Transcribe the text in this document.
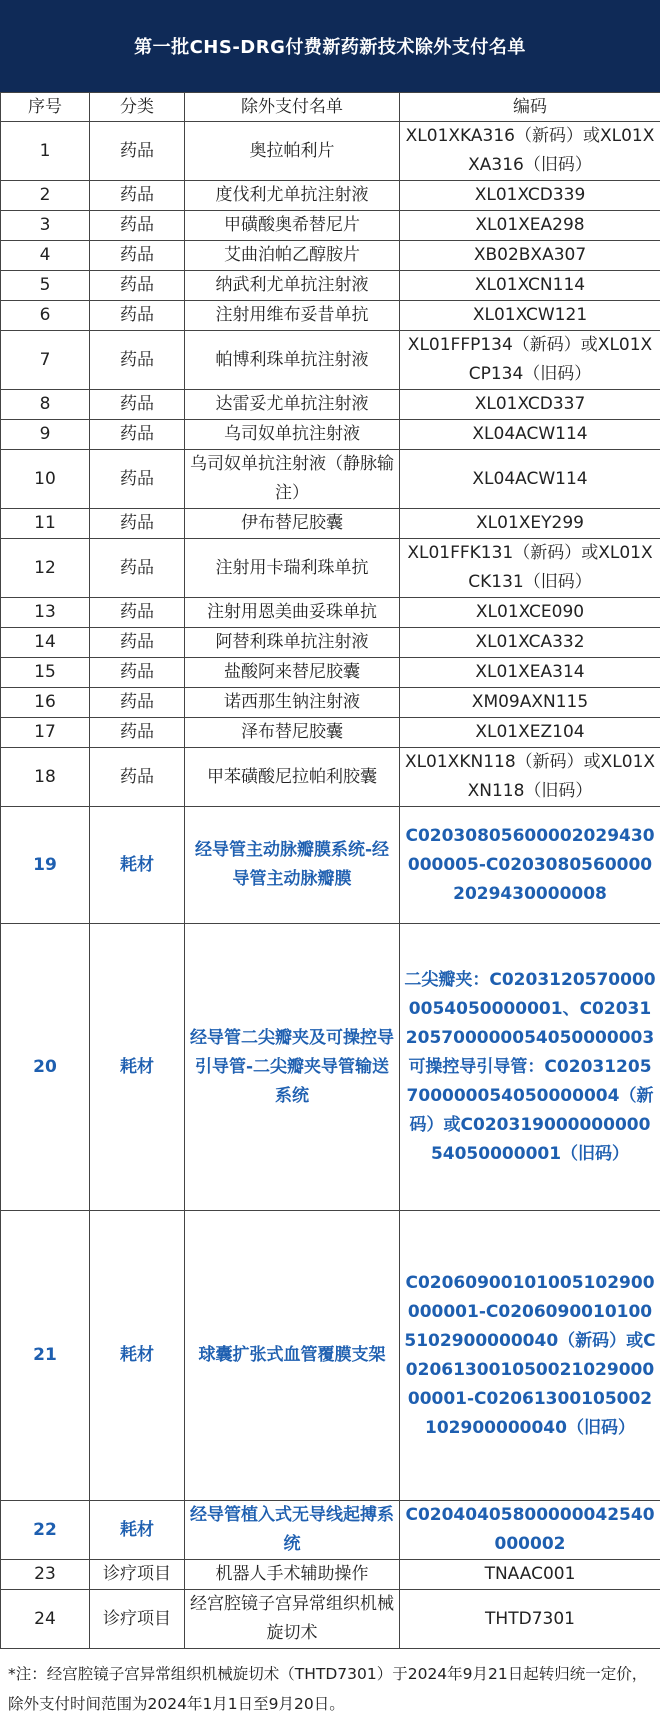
第一批CHS-DRG付费新药新技术除外支付名单
序号	分类	除外支付名单	编码
1	药品	奥拉帕利片	XL01XKA316（新码）或XL01XXA316（旧码）
2	药品	度伐利尤单抗注射液	XL01XCD339
3	药品	甲磺酸奥希替尼片	XL01XEA298
4	药品	艾曲泊帕乙醇胺片	XB02BXA307
5	药品	纳武利尤单抗注射液	XL01XCN114
6	药品	注射用维布妥昔单抗	XL01XCW121
7	药品	帕博利珠单抗注射液	XL01FFP134（新码）或XL01XCP134（旧码）
8	药品	达雷妥尤单抗注射液	XL01XCD337
9	药品	乌司奴单抗注射液	XL04ACW114
10	药品	乌司奴单抗注射液（静脉输注）	XL04ACW114
11	药品	伊布替尼胶囊	XL01XEY299
12	药品	注射用卡瑞利珠单抗	XL01FFK131（新码）或XL01XCK131（旧码）
13	药品	注射用恩美曲妥珠单抗	XL01XCE090
14	药品	阿替利珠单抗注射液	XL01XCA332
15	药品	盐酸阿来替尼胶囊	XL01XEA314
16	药品	诺西那生钠注射液	XM09AXN115
17	药品	泽布替尼胶囊	XL01XEZ104
18	药品	甲苯磺酸尼拉帕利胶囊	XL01XKN118（新码）或XL01XXN118（旧码）
19	耗材	经导管主动脉瓣膜系统-经导管主动脉瓣膜	C02030805600002029430000005-C02030805600002029430000008
20	耗材	经导管二尖瓣夹及可操控导引导管-二尖瓣夹导管输送系统	二尖瓣夹：C02031205700000054050000001、C02031205700000054050000003可操控导引导管：C02031205700000054050000004（新码）或C02031900000000054050000001（旧码）
21	耗材	球囊扩张式血管覆膜支架	C02060900101005102900000001-C02060900101005102900000040（新码）或C02061300105002102900000001-C02061300105002102900000040（旧码）
22	耗材	经导管植入式无导线起搏系统	C02040405800000042540000002
23	诊疗项目	机器人手术辅助操作	TNAAC001
24	诊疗项目	经宫腔镜子宫异常组织机械旋切术	THTD7301
*注：经宫腔镜子宫异常组织机械旋切术（THTD7301）于2024年9月21日起转归统一定价，除外支付时间范围为2024年1月1日至9月20日。
